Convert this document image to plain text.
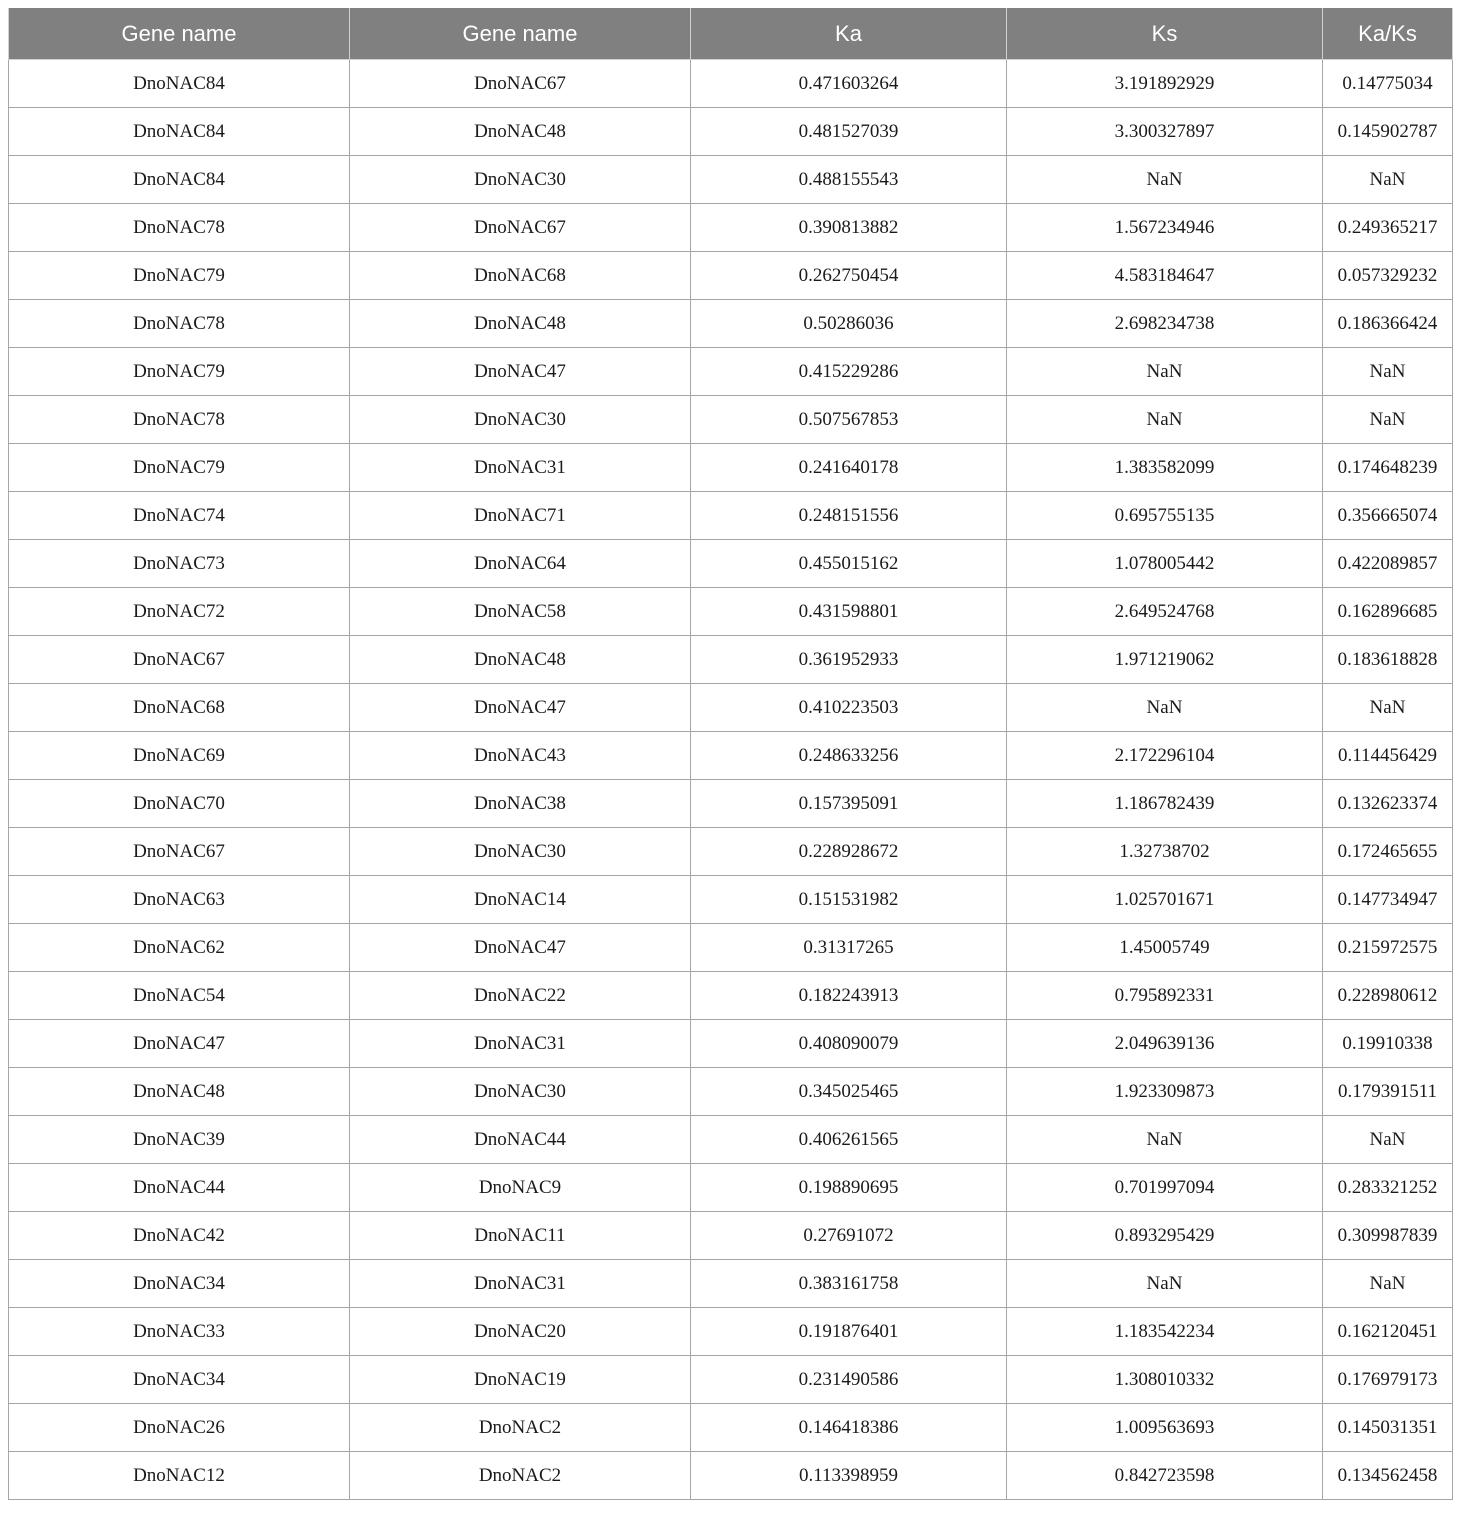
Gene name	Gene name	Ka	Ks	Ka/Ks
DnoNAC84	DnoNAC67	0.471603264	3.191892929	0.14775034
DnoNAC84	DnoNAC48	0.481527039	3.300327897	0.145902787
DnoNAC84	DnoNAC30	0.488155543	NaN	NaN
DnoNAC78	DnoNAC67	0.390813882	1.567234946	0.249365217
DnoNAC79	DnoNAC68	0.262750454	4.583184647	0.057329232
DnoNAC78	DnoNAC48	0.50286036	2.698234738	0.186366424
DnoNAC79	DnoNAC47	0.415229286	NaN	NaN
DnoNAC78	DnoNAC30	0.507567853	NaN	NaN
DnoNAC79	DnoNAC31	0.241640178	1.383582099	0.174648239
DnoNAC74	DnoNAC71	0.248151556	0.695755135	0.356665074
DnoNAC73	DnoNAC64	0.455015162	1.078005442	0.422089857
DnoNAC72	DnoNAC58	0.431598801	2.649524768	0.162896685
DnoNAC67	DnoNAC48	0.361952933	1.971219062	0.183618828
DnoNAC68	DnoNAC47	0.410223503	NaN	NaN
DnoNAC69	DnoNAC43	0.248633256	2.172296104	0.114456429
DnoNAC70	DnoNAC38	0.157395091	1.186782439	0.132623374
DnoNAC67	DnoNAC30	0.228928672	1.32738702	0.172465655
DnoNAC63	DnoNAC14	0.151531982	1.025701671	0.147734947
DnoNAC62	DnoNAC47	0.31317265	1.45005749	0.215972575
DnoNAC54	DnoNAC22	0.182243913	0.795892331	0.228980612
DnoNAC47	DnoNAC31	0.408090079	2.049639136	0.19910338
DnoNAC48	DnoNAC30	0.345025465	1.923309873	0.179391511
DnoNAC39	DnoNAC44	0.406261565	NaN	NaN
DnoNAC44	DnoNAC9	0.198890695	0.701997094	0.283321252
DnoNAC42	DnoNAC11	0.27691072	0.893295429	0.309987839
DnoNAC34	DnoNAC31	0.383161758	NaN	NaN
DnoNAC33	DnoNAC20	0.191876401	1.183542234	0.162120451
DnoNAC34	DnoNAC19	0.231490586	1.308010332	0.176979173
DnoNAC26	DnoNAC2	0.146418386	1.009563693	0.145031351
DnoNAC12	DnoNAC2	0.113398959	0.842723598	0.134562458
